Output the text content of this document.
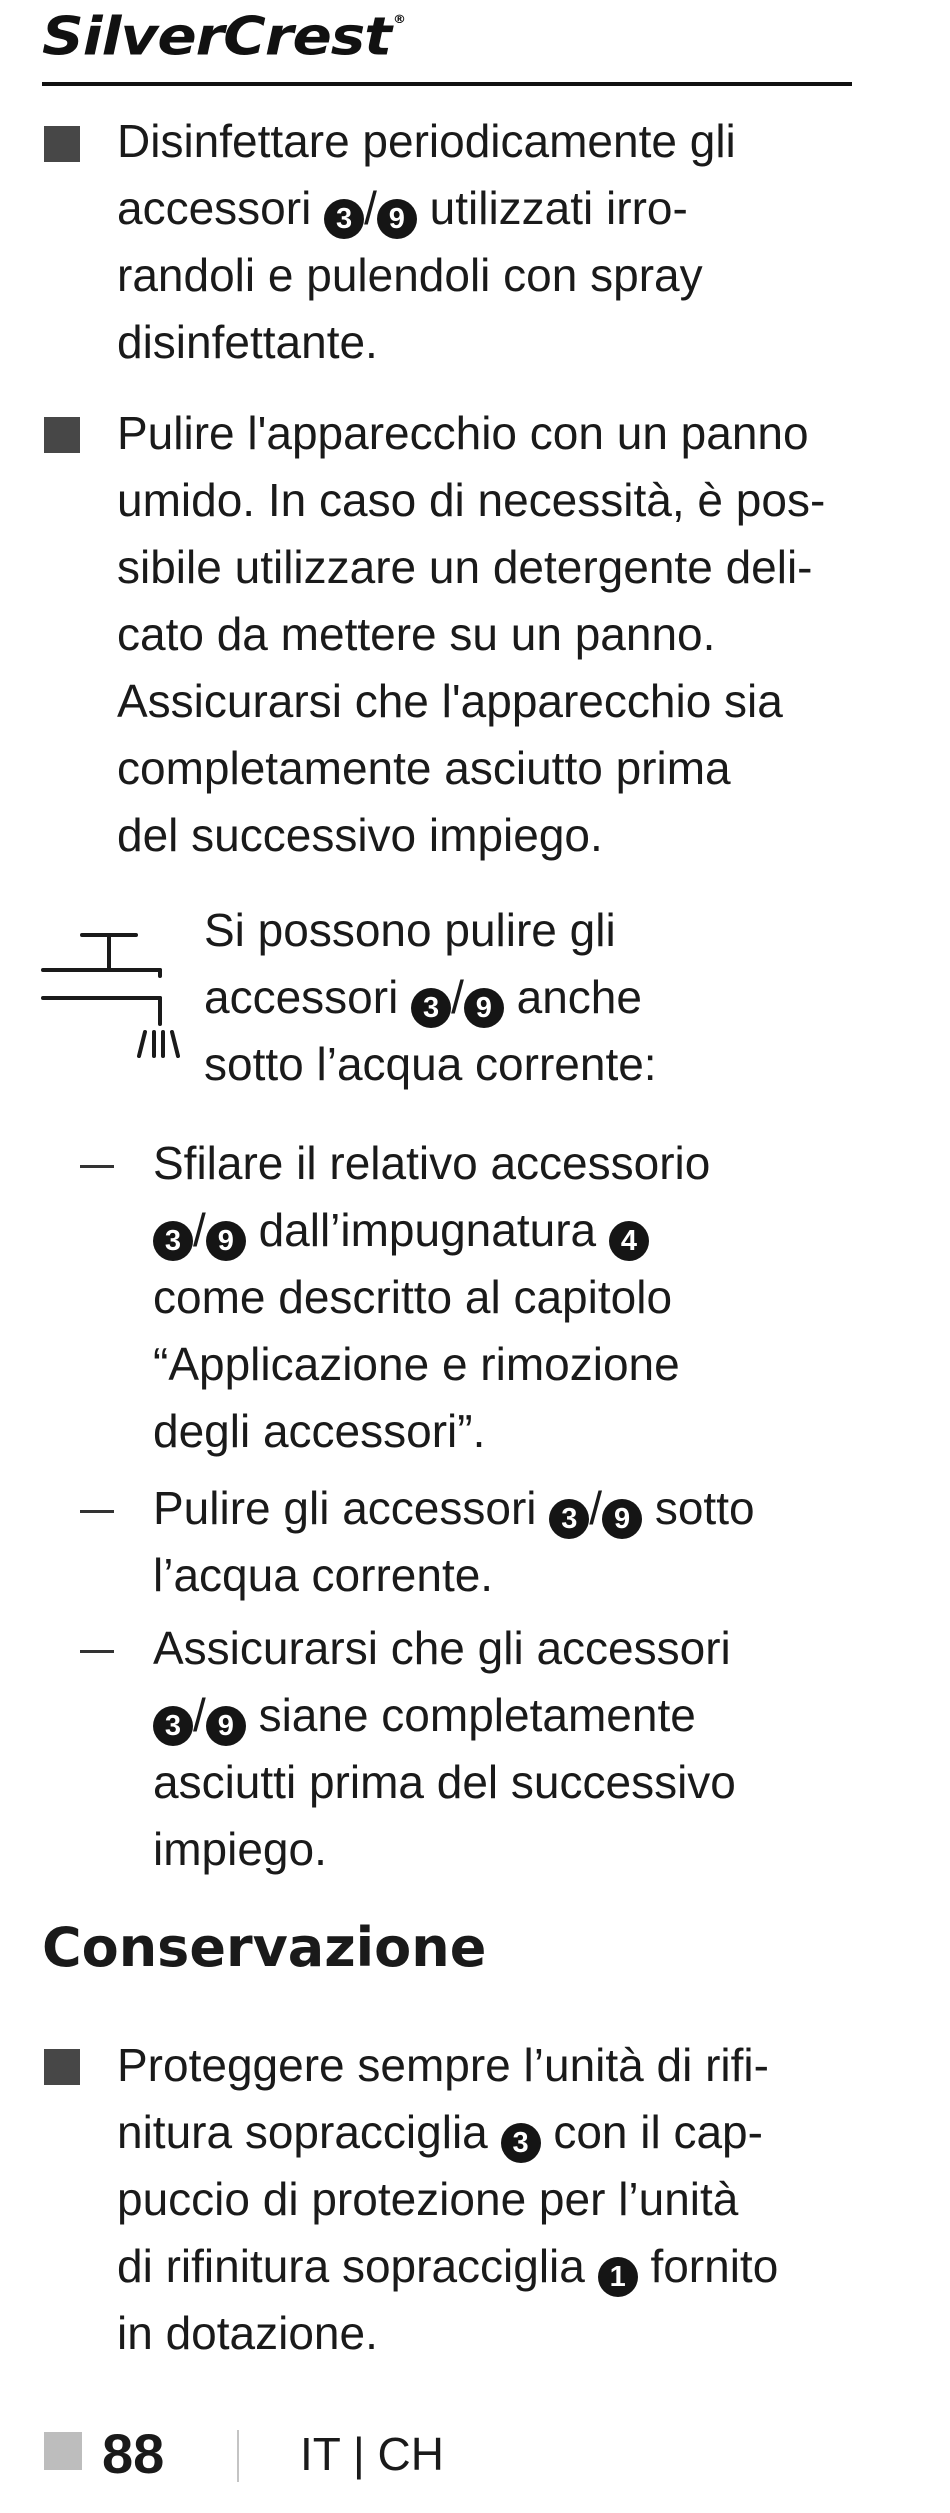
SilverCrest ®

Disinfettare periodicamente gli
accessori 3 / 9 utilizzati irro-
randoli e pulendoli con spray
disinfettante.

Pulire l'apparecchio con un panno
umido. In caso di necessità, è pos-
sibile utilizzare un detergente deli-
cato da mettere su un panno.
Assicurarsi che l'apparecchio sia
completamente asciutto prima
del successivo impiego.

Si possono pulire gli
accessori 3 / 9 anche
sotto l’acqua corrente:

Sfilare il relativo accessorio
3 / 9 dall’impugnatura 4
come descritto al capitolo
“Applicazione e rimozione
degli accessori”.

Pulire gli accessori 3 / 9 sotto
l’acqua corrente.

Assicurarsi che gli accessori
3 / 9 siane completamente
asciutti prima del successivo
impiego.

Conservazione

Proteggere sempre l’unità di rifi-
nitura sopracciglia 3 con il cap-
puccio di protezione per l’unità
di rifinitura sopracciglia 1 fornito
in dotazione.

88	IT | CH
